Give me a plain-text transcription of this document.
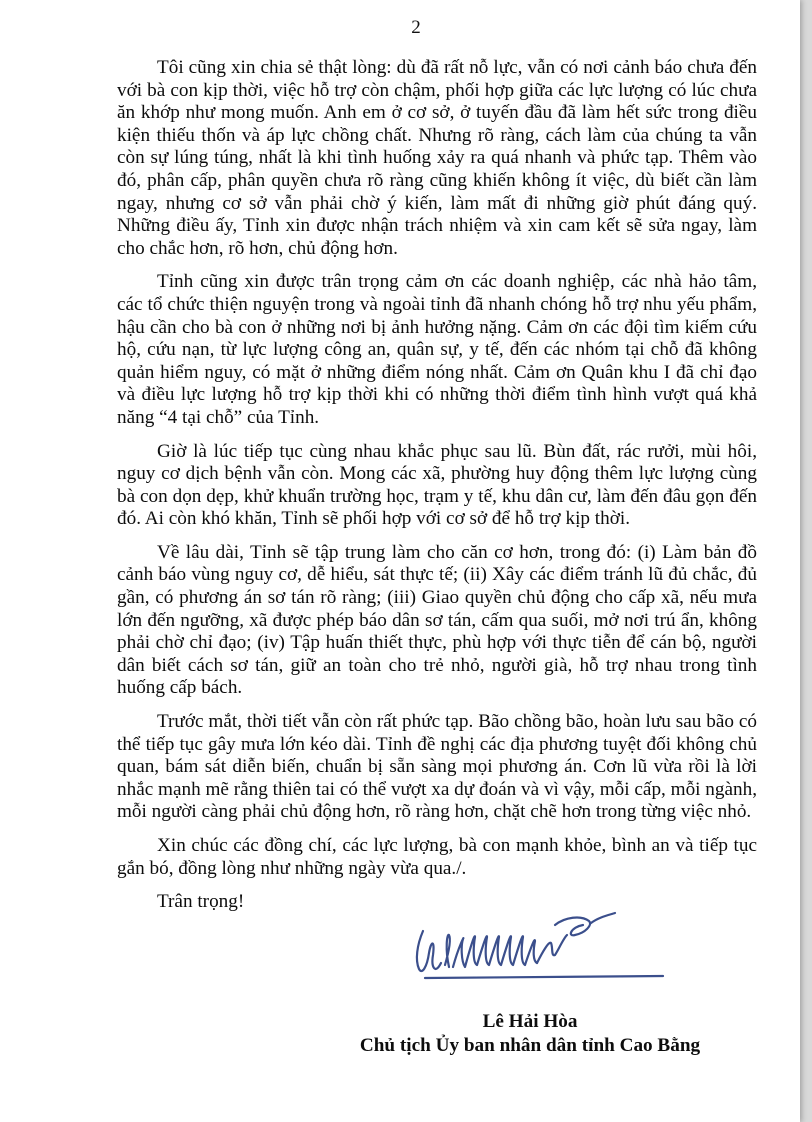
2

Tôi cũng xin chia sẻ thật lòng: dù đã rất nỗ lực, vẫn có nơi cảnh báo chưa đến với bà con kịp thời, việc hỗ trợ còn chậm, phối hợp giữa các lực lượng có lúc chưa ăn khớp như mong muốn. Anh em ở cơ sở, ở tuyến đầu đã làm hết sức trong điều kiện thiếu thốn và áp lực chồng chất. Nhưng rõ ràng, cách làm của chúng ta vẫn còn sự lúng túng, nhất là khi tình huống xảy ra quá nhanh và phức tạp. Thêm vào đó, phân cấp, phân quyền chưa rõ ràng cũng khiến không ít việc, dù biết cần làm ngay, nhưng cơ sở vẫn phải chờ ý kiến, làm mất đi những giờ phút đáng quý. Những điều ấy, Tỉnh xin được nhận trách nhiệm và xin cam kết sẽ sửa ngay, làm cho chắc hơn, rõ hơn, chủ động hơn.

Tỉnh cũng xin được trân trọng cảm ơn các doanh nghiệp, các nhà hảo tâm, các tổ chức thiện nguyện trong và ngoài tỉnh đã nhanh chóng hỗ trợ nhu yếu phẩm, hậu cần cho bà con ở những nơi bị ảnh hưởng nặng. Cảm ơn các đội tìm kiếm cứu hộ, cứu nạn, từ lực lượng công an, quân sự, y tế, đến các nhóm tại chỗ đã không quản hiểm nguy, có mặt ở những điểm nóng nhất. Cảm ơn Quân khu I đã chỉ đạo và điều lực lượng hỗ trợ kịp thời khi có những thời điểm tình hình vượt quá khả năng “4 tại chỗ” của Tỉnh.

Giờ là lúc tiếp tục cùng nhau khắc phục sau lũ. Bùn đất, rác rưởi, mùi hôi, nguy cơ dịch bệnh vẫn còn. Mong các xã, phường huy động thêm lực lượng cùng bà con dọn dẹp, khử khuẩn trường học, trạm y tế, khu dân cư, làm đến đâu gọn đến đó. Ai còn khó khăn, Tỉnh sẽ phối hợp với cơ sở để hỗ trợ kịp thời.

Về lâu dài, Tỉnh sẽ tập trung làm cho căn cơ hơn, trong đó: (i) Làm bản đồ cảnh báo vùng nguy cơ, dễ hiểu, sát thực tế; (ii) Xây các điểm tránh lũ đủ chắc, đủ gần, có phương án sơ tán rõ ràng; (iii) Giao quyền chủ động cho cấp xã, nếu mưa lớn đến ngưỡng, xã được phép báo dân sơ tán, cấm qua suối, mở nơi trú ẩn, không phải chờ chỉ đạo; (iv) Tập huấn thiết thực, phù hợp với thực tiễn để cán bộ, người dân biết cách sơ tán, giữ an toàn cho trẻ nhỏ, người già, hỗ trợ nhau trong tình huống cấp bách.

Trước mắt, thời tiết vẫn còn rất phức tạp. Bão chồng bão, hoàn lưu sau bão có thể tiếp tục gây mưa lớn kéo dài. Tỉnh đề nghị các địa phương tuyệt đối không chủ quan, bám sát diễn biến, chuẩn bị sẵn sàng mọi phương án. Cơn lũ vừa rồi là lời nhắc mạnh mẽ rằng thiên tai có thể vượt xa dự đoán và vì vậy, mỗi cấp, mỗi ngành, mỗi người càng phải chủ động hơn, rõ ràng hơn, chặt chẽ hơn trong từng việc nhỏ.

Xin chúc các đồng chí, các lực lượng, bà con mạnh khỏe, bình an và tiếp tục gắn bó, đồng lòng như những ngày vừa qua./.

Trân trọng!

Lê Hải Hòa
Chủ tịch Ủy ban nhân dân tỉnh Cao Bằng
